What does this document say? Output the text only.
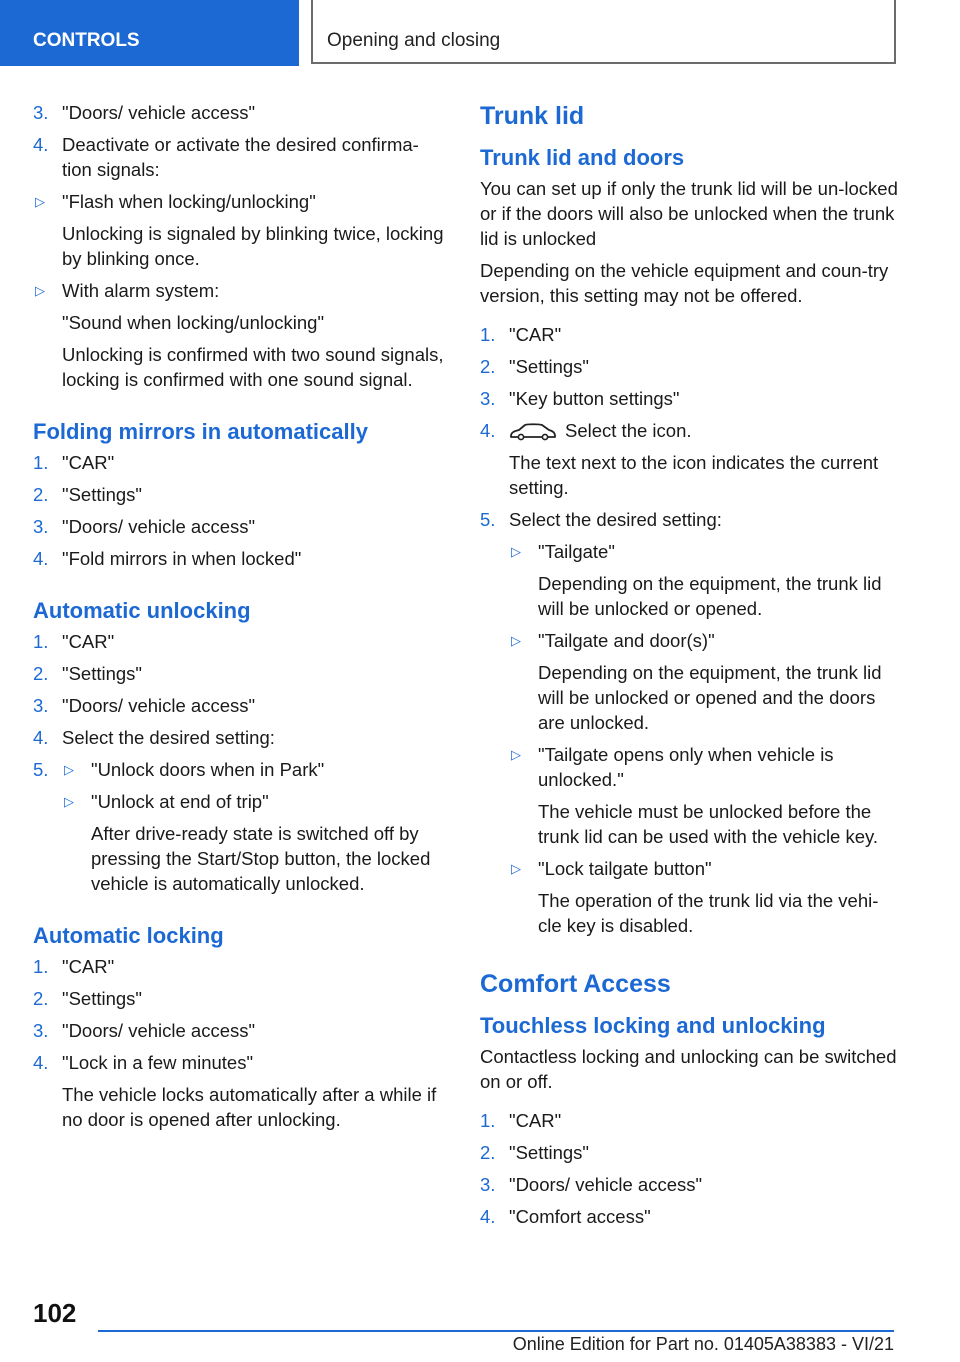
CONTROLS	Opening and closing
3. "Doors/ vehicle access"
4. Deactivate or activate the desired confirma-tion signals:
▷ "Flash when locking/unlocking"
Unlocking is signaled by blinking twice, locking by blinking once.
▷ With alarm system:
"Sound when locking/unlocking"
Unlocking is confirmed with two sound signals, locking is confirmed with one sound signal.
Folding mirrors in automatically
1. "CAR"
2. "Settings"
3. "Doors/ vehicle access"
4. "Fold mirrors in when locked"
Automatic unlocking
1. "CAR"
2. "Settings"
3. "Doors/ vehicle access"
4. Select the desired setting:
5. ▷ "Unlock doors when in Park"
▷ "Unlock at end of trip"
After drive-ready state is switched off by pressing the Start/Stop button, the locked vehicle is automatically unlocked.
Automatic locking
1. "CAR"
2. "Settings"
3. "Doors/ vehicle access"
4. "Lock in a few minutes"
The vehicle locks automatically after a while if no door is opened after unlocking.
Trunk lid
Trunk lid and doors
You can set up if only the trunk lid will be un-locked or if the doors will also be unlocked when the trunk lid is unlocked
Depending on the vehicle equipment and coun-try version, this setting may not be offered.
1. "CAR"
2. "Settings"
3. "Key button settings"
4.	Select the icon.
The text next to the icon indicates the current setting.
5. Select the desired setting:
▷ "Tailgate"
Depending on the equipment, the trunk lid will be unlocked or opened.
▷ "Tailgate and door(s)"
Depending on the equipment, the trunk lid will be unlocked or opened and the doors are unlocked.
▷ "Tailgate opens only when vehicle is unlocked."
The vehicle must be unlocked before the trunk lid can be used with the vehicle key.
▷ "Lock tailgate button"
The operation of the trunk lid via the vehi-cle key is disabled.
Comfort Access
Touchless locking and unlocking
Contactless locking and unlocking can be switched on or off.
1. "CAR"
2. "Settings"
3. "Doors/ vehicle access"
4. "Comfort access"
102
Online Edition for Part no. 01405A38383 - VI/21
